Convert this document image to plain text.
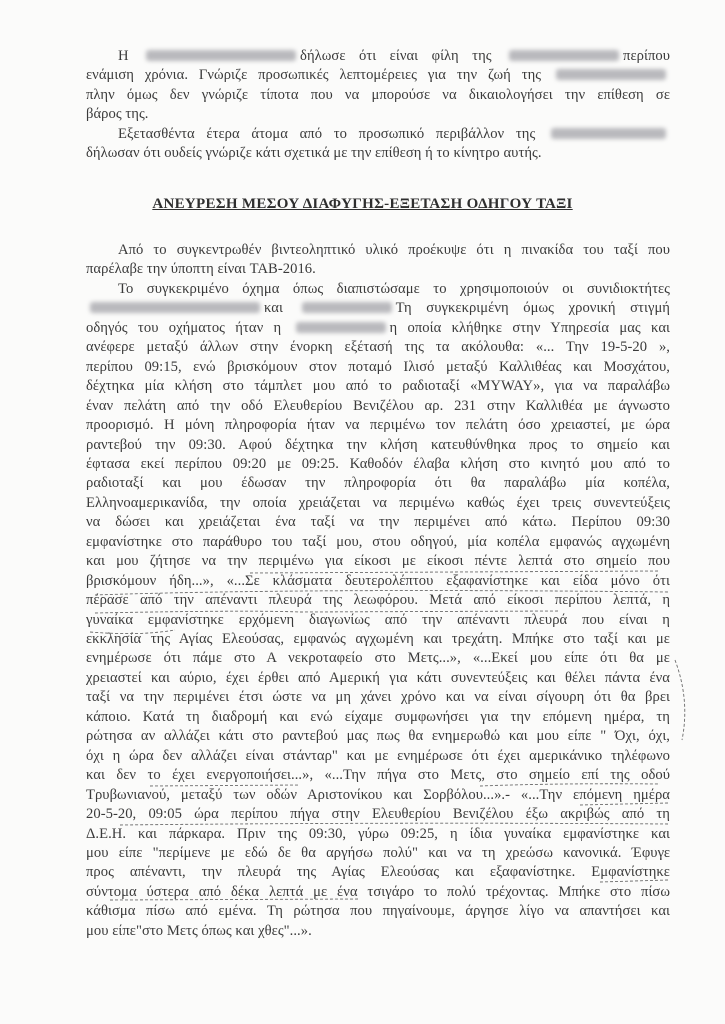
ΑΝΕΥΡΕΣΗ ΜΕΣΟΥ ΔΙΑΦΥΓΗΣ-ΕΞΕΤΑΣΗ ΟΔΗΓΟΥ ΤΑΞΙ
Η	δήλωσε ότι είναι φίλη της	περίπου
ενάμιση χρόνια. Γνώριζε προσωπικές λεπτομέρειες για την ζωή της
πλην όμως δεν γνώριζε τίποτα που να μπορούσε να δικαιολογήσει την επίθεση σε
βάρος της.
Εξετασθέντα έτερα άτομα από το προσωπικό περιβάλλον της
δήλωσαν ότι ουδείς γνώριζε κάτι σχετικά με την επίθεση ή το κίνητρο αυτής.
Από το συγκεντρωθέν βιντεοληπτικό υλικό προέκυψε ότι η πινακίδα του ταξί που
παρέλαβε την ύποπτη είναι TAB-2016.
Το συγκεκριμένο όχημα όπως διαπιστώσαμε το χρησιμοποιούν οι συνιδιοκτήτες
και	Τη συγκεκριμένη όμως χρονική στιγμή
οδηγός του οχήματος ήταν η	η οποία κλήθηκε στην Υπηρεσία μας και
ανέφερε μεταξύ άλλων στην ένορκη εξέτασή της τα ακόλουθα: «... Την 19-5-20 »,
περίπου 09:15, ενώ βρισκόμουν στον ποταμό Ιλισό μεταξύ Καλλιθέας και Μοσχάτου,
δέχτηκα μία κλήση στο τάμπλετ μου από το ραδιοταξί «MYWAY», για να παραλάβω
έναν πελάτη από την οδό Ελευθερίου Βενιζέλου αρ. 231 στην Καλλιθέα με άγνωστο
προορισμό. Η μόνη πληροφορία ήταν να περιμένω τον πελάτη όσο χρειαστεί, με ώρα
ραντεβού την 09:30. Αφού δέχτηκα την κλήση κατευθύνθηκα προς το σημείο και
έφτασα εκεί περίπου 09:20 με 09:25. Καθοδόν έλαβα κλήση στο κινητό μου από το
ραδιοταξί και μου έδωσαν την πληροφορία ότι θα παραλάβω μία κοπέλα,
Ελληνοαμερικανίδα, την οποία χρειάζεται να περιμένω καθώς έχει τρεις συνεντεύξεις
να δώσει και χρειάζεται ένα ταξί να την περιμένει από κάτω. Περίπου 09:30
εμφανίστηκε στο παράθυρο του ταξί μου, στου οδηγού, μία κοπέλα εμφανώς αγχωμένη
και μου ζήτησε να την περιμένω για είκοσι με είκοσι πέντε λεπτά στο σημείο που
βρισκόμουν ήδη...», «...Σε κλάσματα δευτερολέπτου εξαφανίστηκε και είδα μόνο ότι
πέρασε από την απέναντι πλευρά της λεωφόρου. Μετά από είκοσι περίπου λεπτά, η
γυναίκα εμφανίστηκε ερχόμενη διαγωνίως από την απέναντι πλευρά που είναι η
εκκλησία της Αγίας Ελεούσας, εμφανώς αγχωμένη και τρεχάτη. Μπήκε στο ταξί και με
ενημέρωσε ότι πάμε στο Α νεκροταφείο στο Μετς...», «...Εκεί μου είπε ότι θα με
χρειαστεί και αύριο, έχει έρθει από Αμερική για κάτι συνεντεύξεις και θέλει πάντα ένα
ταξί να την περιμένει έτσι ώστε να μη χάνει χρόνο και να είναι σίγουρη ότι θα βρει
κάποιο. Κατά τη διαδρομή και ενώ είχαμε συμφωνήσει για την επόμενη ημέρα, τη
ρώτησα αν αλλάζει κάτι στο ραντεβού μας πως θα ενημερωθώ και μου είπε " Όχι, όχι,
όχι η ώρα δεν αλλάζει είναι στάνταρ" και με ενημέρωσε ότι έχει αμερικάνικο τηλέφωνο
και δεν το έχει ενεργοποιήσει...», «...Την πήγα στο Μετς, στο σημείο επί της οδού
Τρυβωνιανού, μεταξύ των οδών Αριστονίκου και Σορβόλου...».- «...Την επόμενη ημέρα
20-5-20, 09:05 ώρα περίπου πήγα στην Ελευθερίου Βενιζέλου έξω ακριβώς από τη
Δ.Ε.Η. και πάρκαρα. Πριν της 09:30, γύρω 09:25, η ίδια γυναίκα εμφανίστηκε και
μου είπε "περίμενε με εδώ δε θα αργήσω πολύ" και να τη χρεώσω κανονικά. Έφυγε
προς απέναντι, την πλευρά της Αγίας Ελεούσας και εξαφανίστηκε. Εμφανίστηκε
σύντομα ύστερα από δέκα λεπτά με ένα τσιγάρο το πολύ τρέχοντας. Μπήκε στο πίσω
κάθισμα πίσω από εμένα. Τη ρώτησα που πηγαίνουμε, άργησε λίγο να απαντήσει και
μου είπε"στο Μετς όπως και χθες"...».
